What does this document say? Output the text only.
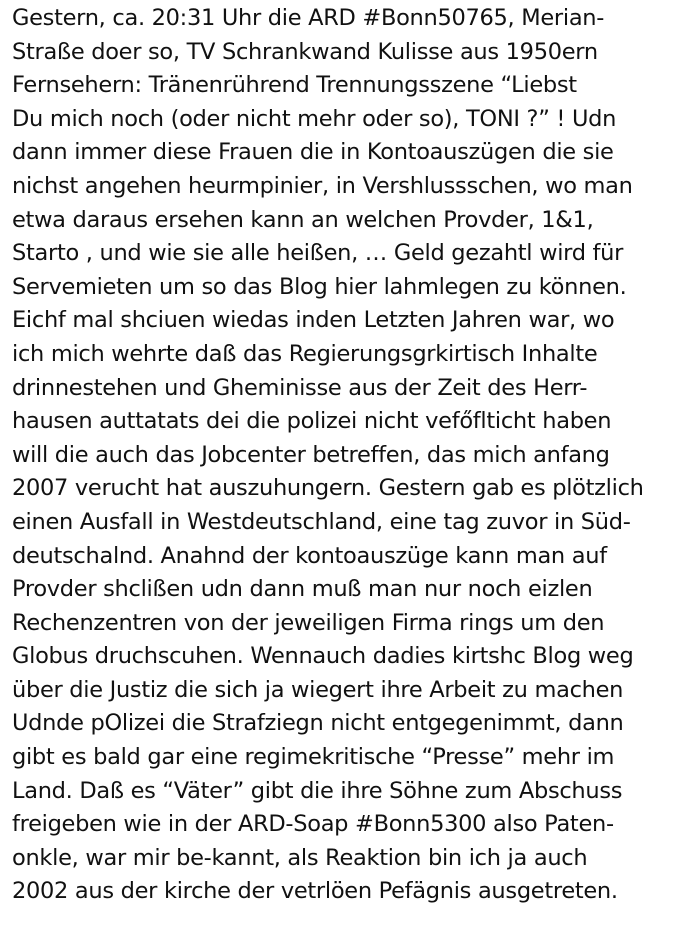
Gestern, ca. 20:31 Uhr die ARD #Bonn50765, Merian-
Straße doer so, TV Schrankwand Kulisse aus 1950ern
Fernsehern: Tränenrührend Trennungsszene “Liebst
Du mich noch (oder nicht mehr oder so), TONI ?” ! Udn
dann immer diese Frauen die in Kontoauszügen die sie
nichst angehen heurmpinier, in Vershlussschen, wo man
etwa daraus ersehen kann an welchen Provder, 1&1,
Starto , und wie sie alle heißen, … Geld gezahtl wird für
Servemieten um so das Blog hier lahmlegen zu können.
Eichf mal shciuen wiedas inden Letzten Jahren war, wo
ich mich wehrte daß das Regierungsgrkirtisch Inhalte
drinnestehen und Gheminisse aus der Zeit des Herr-
hausen auttatats dei die polizei nicht vefőflticht haben
will die auch das Jobcenter betreffen, das mich anfang
2007 verucht hat auszuhungern. Gestern gab es plötzlich
einen Ausfall in Westdeutschland, eine tag zuvor in Süd-
deutschalnd. Anahnd der kontoauszüge kann man auf
Provder shclißen udn dann muß man nur noch eizlen
Rechenzentren von der jeweiligen Firma rings um den
Globus druchscuhen. Wennauch dadies kirtshc Blog weg
über die Justiz die sich ja wiegert ihre Arbeit zu machen
Udnde pOlizei die Strafziegn nicht entgegenimmt, dann
gibt es bald gar eine regimekritische “Presse” mehr im
Land. Daß es “Väter” gibt die ihre Söhne zum Abschuss
freigeben wie in der ARD-Soap #Bonn5300 also Paten-
onkle, war mir be-kannt, als Reaktion bin ich ja auch
2002 aus der kirche der vetrlöen Pefägnis ausgetreten.
